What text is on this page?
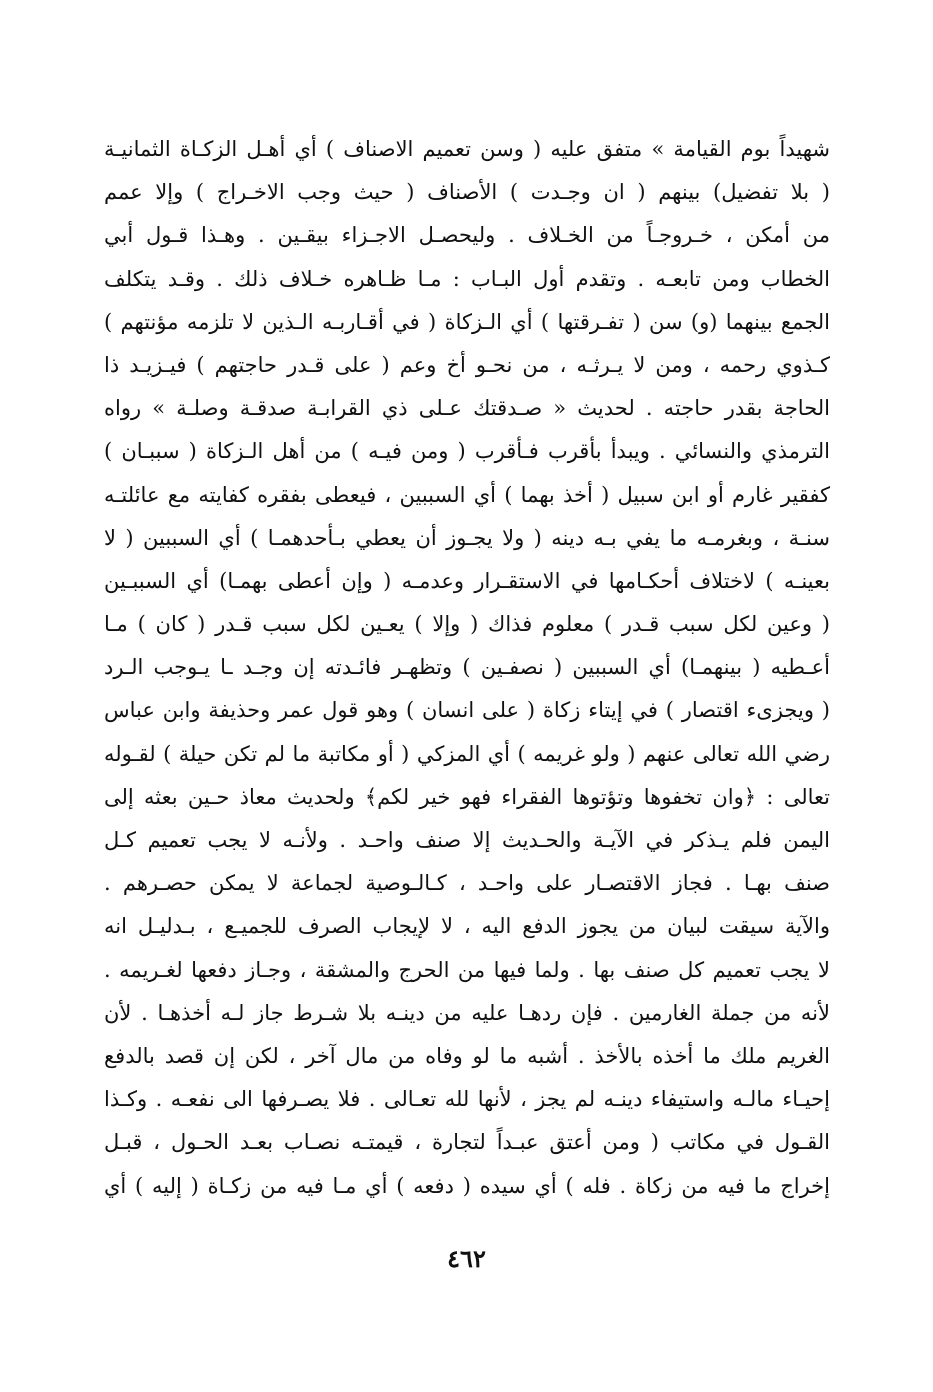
شهيداً بوم القيامة » متفق عليه ( وسن تعميم الاصناف ) أي أهـل الزكـاة الثمانيـة
( بلا تفضيل) بينهم ( ان وجـدت ) الأصناف ( حيث وجب الاخـراج ) وإلا عمم
من أمكن ، خـروجـاً من الخـلاف . وليحصـل الاجـزاء بيقـين . وهـذا قـول أبي
الخطاب ومن تابعـه . وتقدم أول البـاب : مـا ظـاهره خـلاف ذلك . وقـد يتكلف
الجمع بينهما (و) سن ( تفـرقتها ) أي الـزكاة ( في أقـاربـه الـذين لا تلزمه مؤنتهم )
كـذوي رحمه ، ومن لا يـرثـه ، من نحـو أخ وعم ( على قـدر حاجتهم ) فيـزيـد ذا
الحاجة بقدر حاجته . لحديث « صـدقتك عـلى ذي القرابـة صدقـة وصلـة » رواه
الترمذي والنسائي . ويبدأ بأقرب فـأقرب ( ومن فيـه ) من أهل الـزكاة ( سببـان )
كفقير غارم أو ابن سبيل ( أخذ بهما ) أي السببين ، فيعطى بفقره كفايته مع عائلتـه
سنـة ، وبغرمـه ما يفي بـه دينه ( ولا يجـوز أن يعطي بـأحدهمـا ) أي السببين ( لا
بعينـه ) لاختلاف أحكـامها في الاستقـرار وعدمـه ( وإن أعطى بهمـا) أي السببـين
( وعين لكل سبب قـدر ) معلوم فذاك ( وإلا ) يعـين لكل سبب قـدر ( كان ) مـا
أعـطيه ( بينهمـا) أي السببين ( نصفـين ) وتظهـر فائـدته إن وجـد ـا يـوجب الـرد
( ويجزىء اقتصار ) في إيتاء زكاة ( على انسان ) وهو قول عمر وحذيفة وابن عباس
رضي الله تعالى عنهم ( ولو غريمه ) أي المزكي ( أو مكاتبة ما لم تكن حيلة ) لقـوله
تعالى : ﴿وان تخفوها وتؤتوها الفقراء فهو خير لكم﴾ ولحديث معاذ حـين بعثه إلى
اليمن فلم يـذكر في الآيـة والحـديث إلا صنف واحـد . ولأنـه لا يجب تعميم كـل
صنف بهـا . فجاز الاقتصـار على واحـد ، كـالـوصية لجماعة لا يمكن حصـرهم .
والآية سيقت لبيان من يجوز الدفع اليه ، لا لإيجاب الصرف للجميـع ، بـدليـل انه
لا يجب تعميم كل صنف بها . ولما فيها من الحرج والمشقة ، وجـاز دفعها لغـريمه .
لأنه من جملة الغارمين . فإن ردهـا عليه من دينـه بلا شـرط جاز لـه أخذهـا . لأن
الغريم ملك ما أخذه بالأخذ . أشبه ما لو وفاه من مال آخر ، لكن إن قصد بالدفع
إحيـاء مالـه واستيفاء دينـه لم يجز ، لأنها لله تعـالى . فلا يصـرفها الى نفعـه . وكـذا
القـول في مكاتب ( ومن أعتق عبـداً لتجارة ، قيمتـه نصـاب بعـد الحـول ، قبـل
إخراج ما فيه من زكاة . فله ) أي سيده ( دفعه ) أي مـا فيه من زكـاة ( إليه ) أي
٤٦٢
